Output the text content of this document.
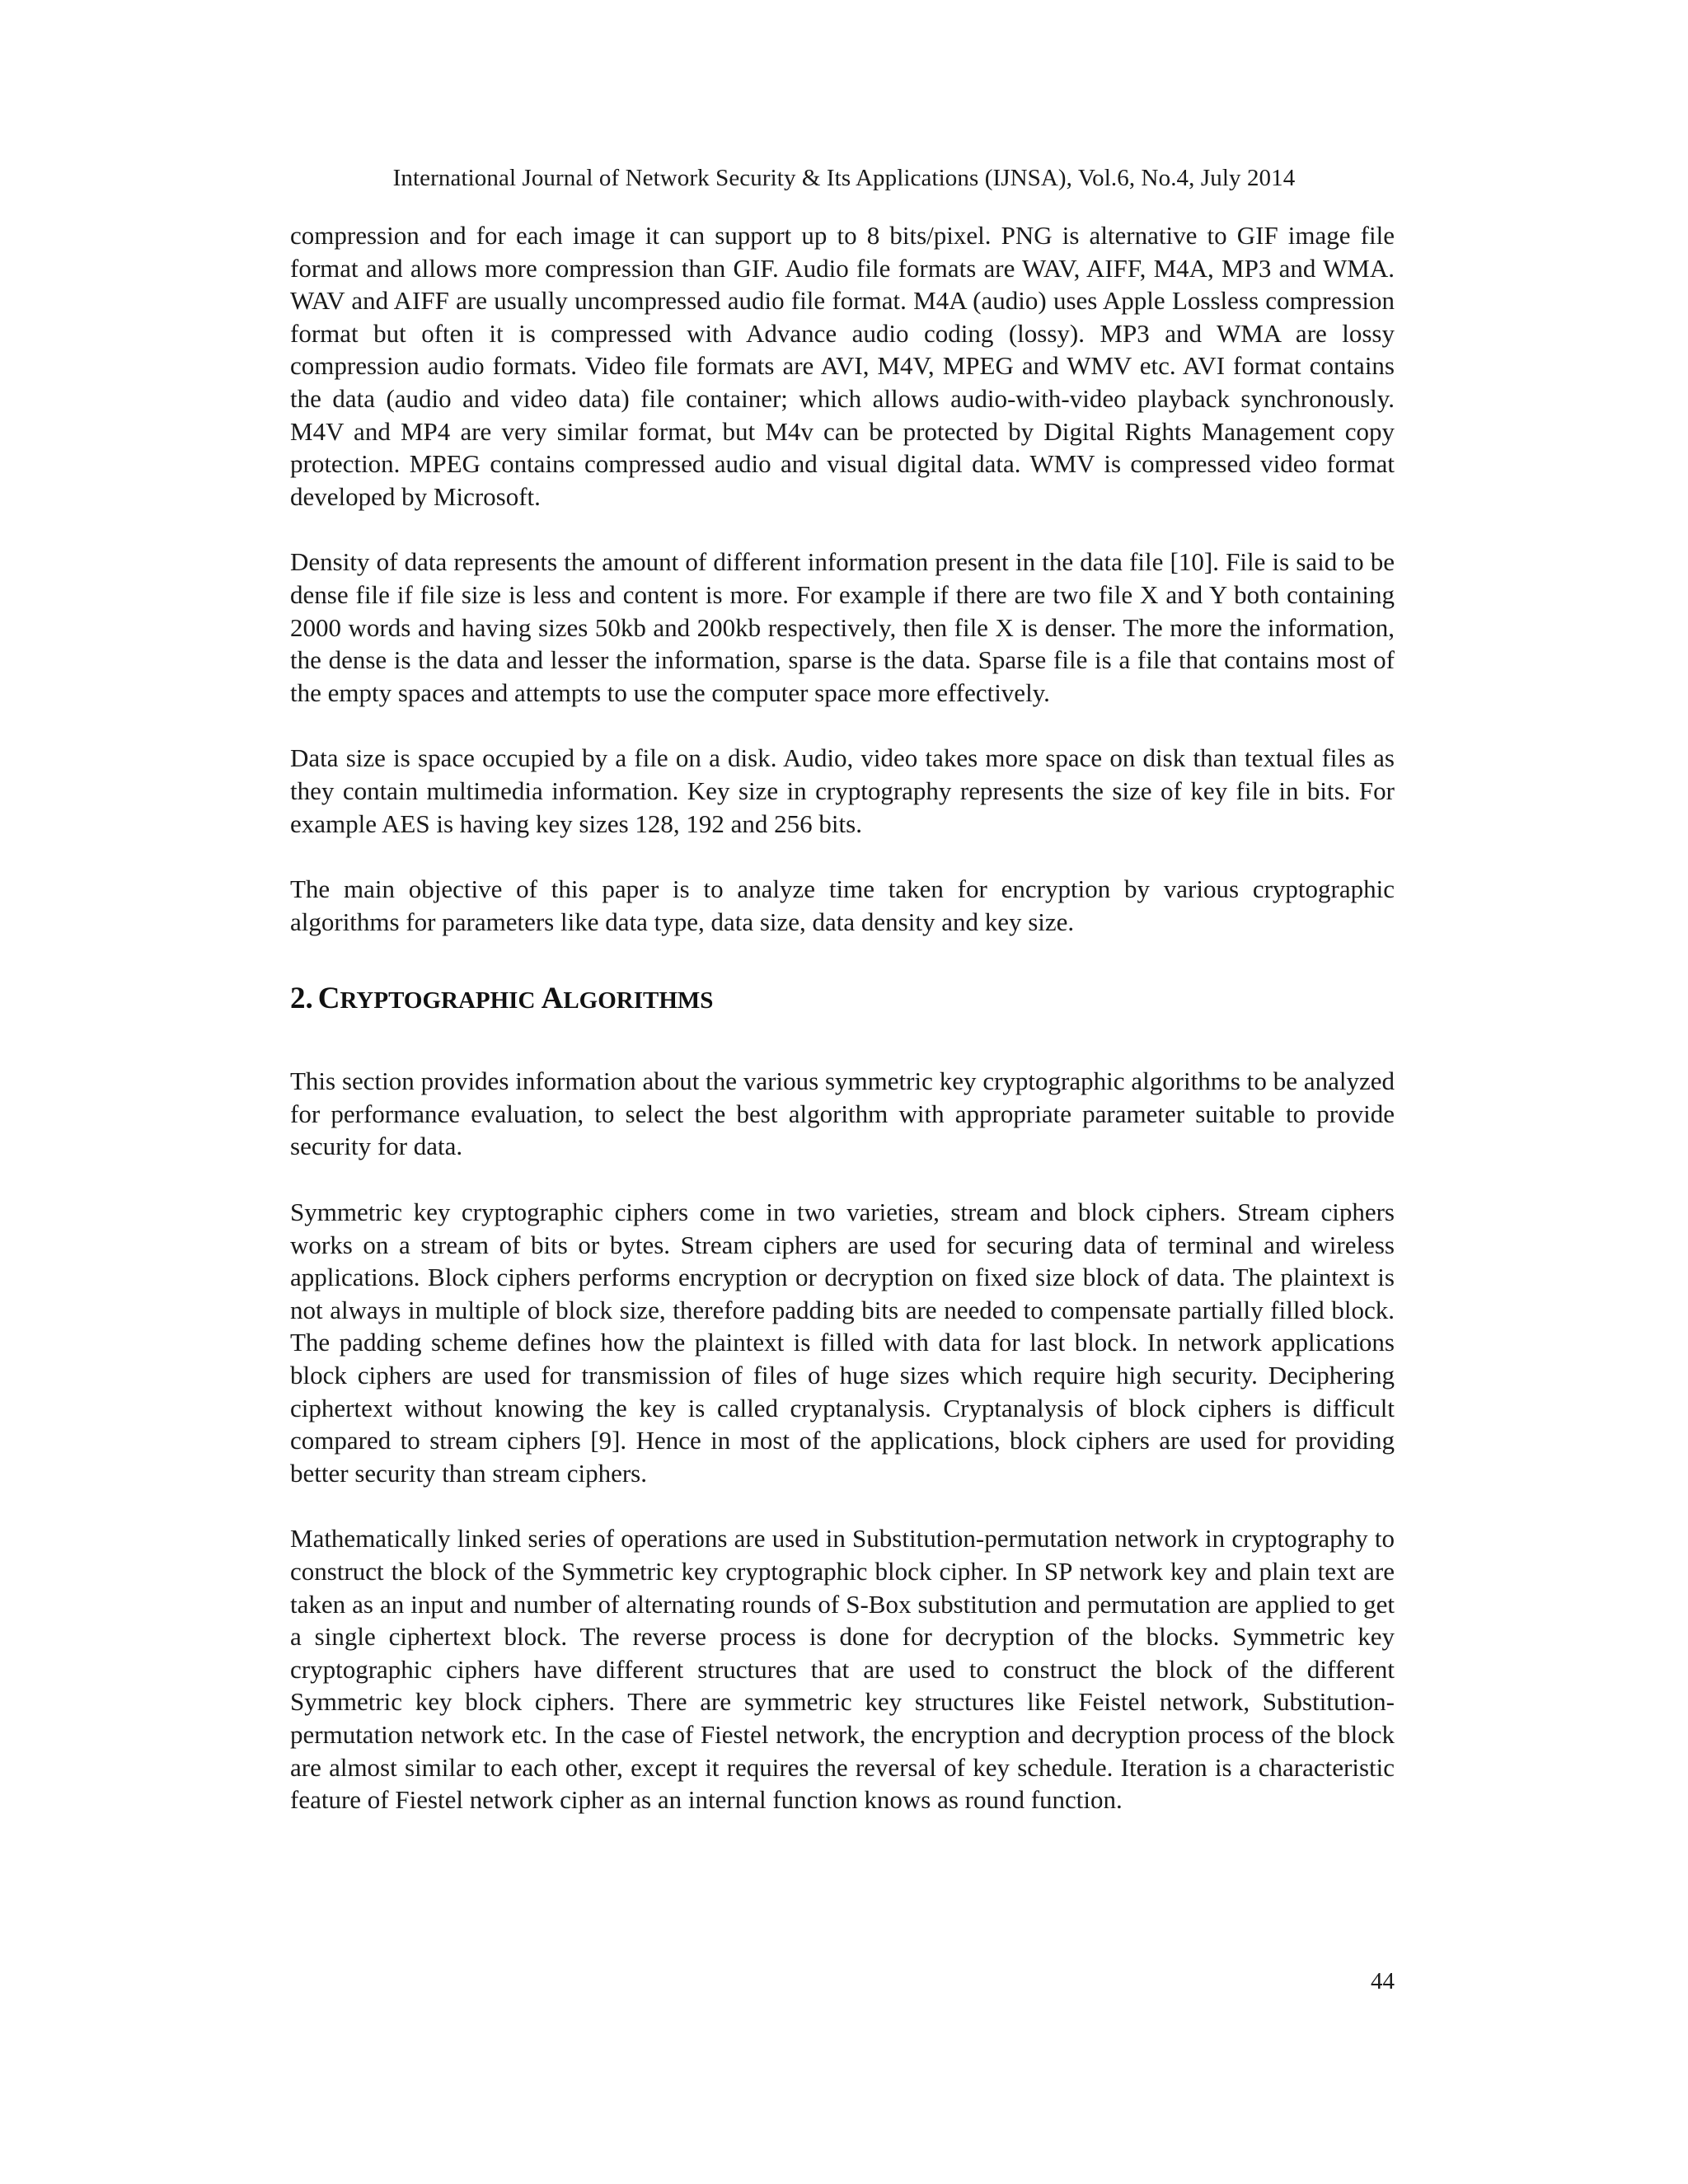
International Journal of Network Security & Its Applications (IJNSA), Vol.6, No.4, July 2014

compression and for each image it can support up to 8 bits/pixel. PNG is alternative to GIF image file format and allows more compression than GIF. Audio file formats are WAV, AIFF, M4A, MP3 and WMA. WAV and AIFF are usually uncompressed audio file format. M4A (audio) uses Apple Lossless compression format but often it is compressed with Advance audio coding (lossy). MP3 and WMA are lossy compression audio formats. Video file formats are AVI, M4V, MPEG and WMV etc. AVI format contains the data (audio and video data) file container; which allows audio-with-video playback synchronously. M4V and MP4 are very similar format, but M4v can be protected by Digital Rights Management copy protection. MPEG contains compressed audio and visual digital data. WMV is compressed video format developed by Microsoft.

Density of data represents the amount of different information present in the data file [10]. File is said to be dense file if file size is less and content is more. For example if there are two file X and Y both containing 2000 words and having sizes 50kb and 200kb respectively, then file X is denser. The more the information, the dense is the data and lesser the information, sparse is the data. Sparse file is a file that contains most of the empty spaces and attempts to use the computer space more effectively.

Data size is space occupied by a file on a disk. Audio, video takes more space on disk than textual files as they contain multimedia information. Key size in cryptography represents the size of key file in bits. For example AES is having key sizes 128, 192 and 256 bits.

The main objective of this paper is to analyze time taken for encryption by various cryptographic algorithms for parameters like data type, data size, data density and key size.

2. CRYPTOGRAPHIC ALGORITHMS

This section provides information about the various symmetric key cryptographic algorithms to be analyzed for performance evaluation, to select the best algorithm with appropriate parameter suitable to provide security for data.

Symmetric key cryptographic ciphers come in two varieties, stream and block ciphers. Stream ciphers works on a stream of bits or bytes. Stream ciphers are used for securing data of terminal and wireless applications. Block ciphers performs encryption or decryption on fixed size block of data. The plaintext is not always in multiple of block size, therefore padding bits are needed to compensate partially filled block. The padding scheme defines how the plaintext is filled with data for last block. In network applications block ciphers are used for transmission of files of huge sizes which require high security. Deciphering ciphertext without knowing the key is called cryptanalysis. Cryptanalysis of block ciphers is difficult compared to stream ciphers [9]. Hence in most of the applications, block ciphers are used for providing better security than stream ciphers.

Mathematically linked series of operations are used in Substitution-permutation network in cryptography to construct the block of the Symmetric key cryptographic block cipher. In SP network key and plain text are taken as an input and number of alternating rounds of S-Box substitution and permutation are applied to get a single ciphertext block. The reverse process is done for decryption of the blocks. Symmetric key cryptographic ciphers have different structures that are used to construct the block of the different Symmetric key block ciphers. There are symmetric key structures like Feistel network, Substitution-permutation network etc. In the case of Fiestel network, the encryption and decryption process of the block are almost similar to each other, except it requires the reversal of key schedule. Iteration is a characteristic feature of Fiestel network cipher as an internal function knows as round function.

44
